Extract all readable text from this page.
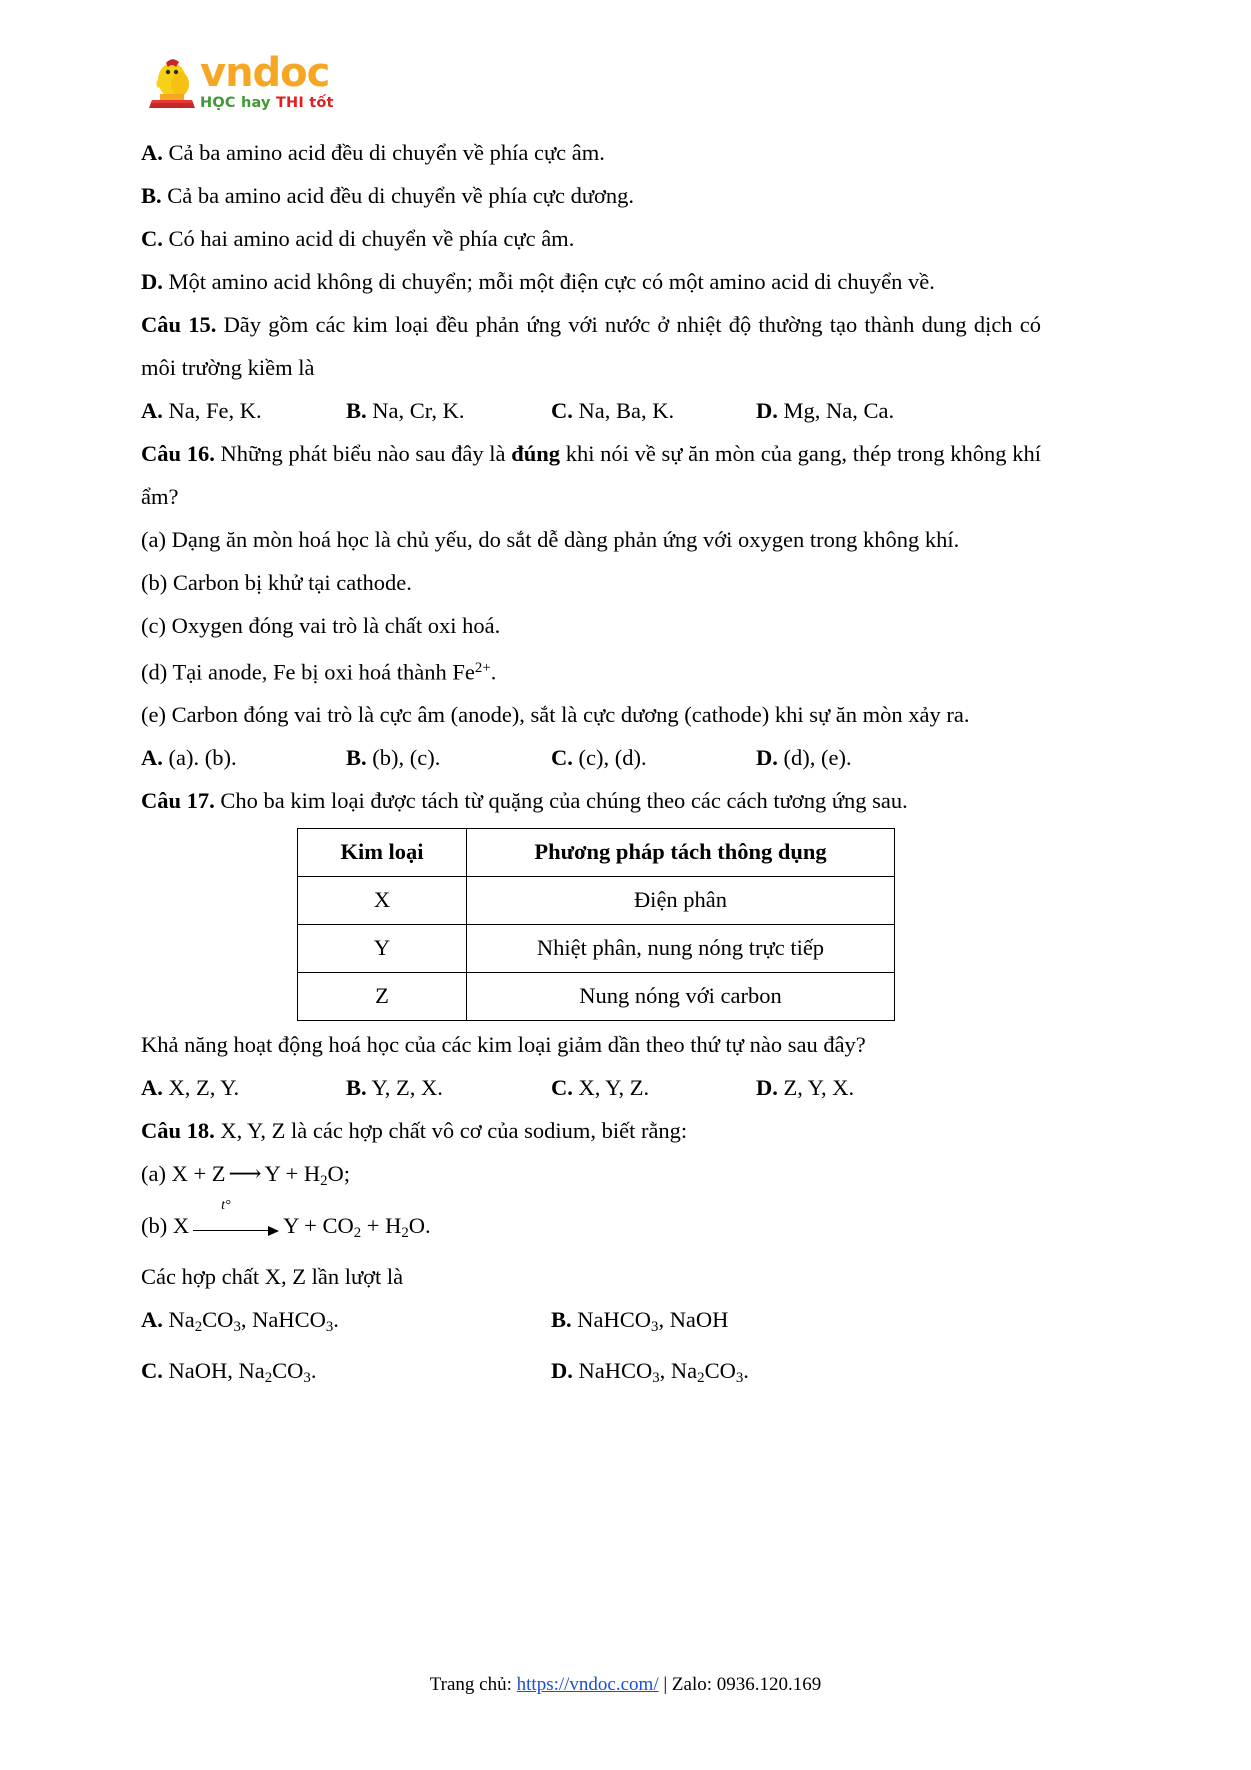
vndoc
HỌC hay THI tốt

A. Cả ba amino acid đều di chuyển về phía cực âm.

B. Cả ba amino acid đều di chuyển về phía cực dương.

C. Có hai amino acid di chuyển về phía cực âm.

D. Một amino acid không di chuyển; mỗi một điện cực có một amino acid di chuyển về.

Câu 15. Dãy gồm các kim loại đều phản ứng với nước ở nhiệt độ thường tạo thành dung dịch có môi trường kiềm là

A. Na, Fe, K.	B. Na, Cr, K.	C. Na, Ba, K.	D. Mg, Na, Ca.

Câu 16. Những phát biểu nào sau đây là đúng khi nói về sự ăn mòn của gang, thép trong không khí ẩm?

(a) Dạng ăn mòn hoá học là chủ yếu, do sắt dễ dàng phản ứng với oxygen trong không khí.

(b) Carbon bị khử tại cathode.

(c) Oxygen đóng vai trò là chất oxi hoá.

(d) Tại anode, Fe bị oxi hoá thành $Fe^{2+}$.

(e) Carbon đóng vai trò là cực âm (anode), sắt là cực dương (cathode) khi sự ăn mòn xảy ra.

A. (a). (b).	B. (b), (c).	C. (c), (d).	D. (d), (e).

Câu 17. Cho ba kim loại được tách từ quặng của chúng theo các cách tương ứng sau.

Kim loại	Phương pháp tách thông dụng
X	Điện phân
Y	Nhiệt phân, nung nóng trực tiếp
Z	Nung nóng với carbon

Khả năng hoạt động hoá học của các kim loại giảm dần theo thứ tự nào sau đây?

A. X, Z, Y.	B. Y, Z, X.	C. X, Y, Z.	D. Z, Y, X.

Câu 18. X, Y, Z là các hợp chất vô cơ của sodium, biết rằng:

(a) X + Z ⟶ $Y + H_2O$;

(b) X
t°
$Y + CO_2 + H_2O$.

Các hợp chất X, Z lần lượt là

A. $Na_2CO_3$, NaHCO$_3$.	B. NaHCO$_3$, NaOH
C. NaOH, $Na_2CO_3$.	D. NaHCO$_3$, $Na_2CO_3$.
Trang chủ: https://vndoc.com/ | Zalo: 0936.120.169
